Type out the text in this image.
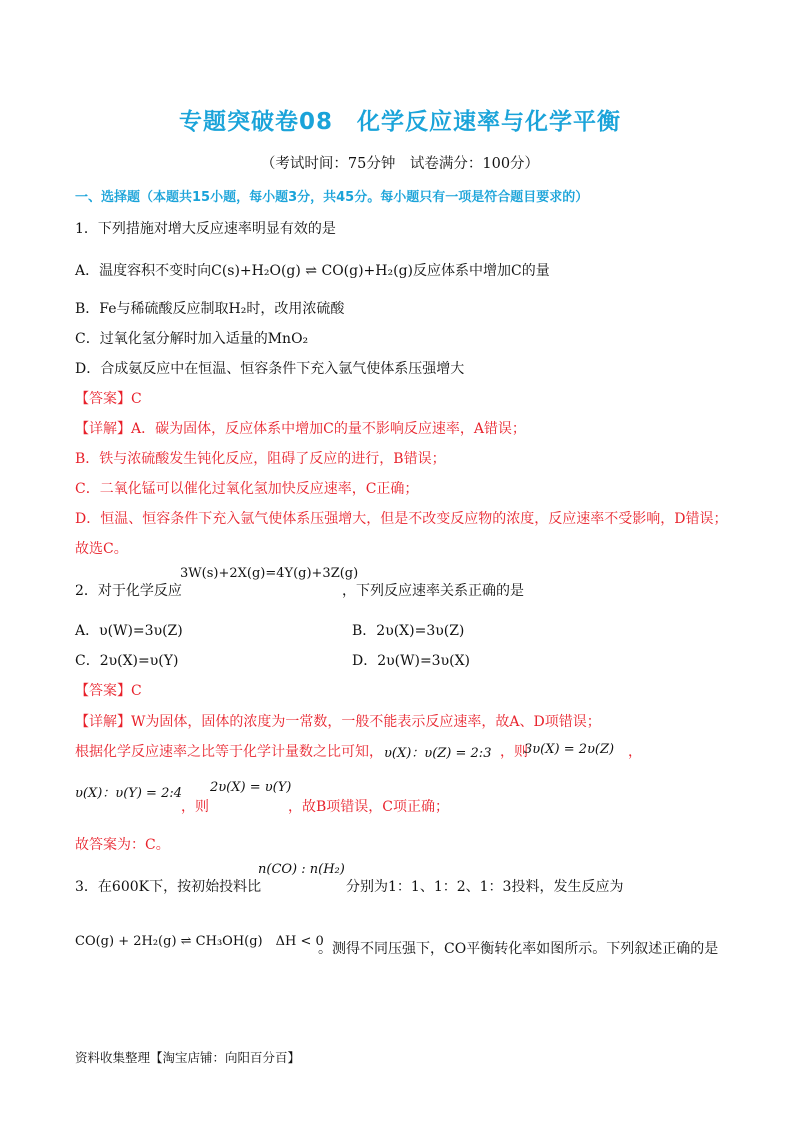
专题突破卷08　化学反应速率与化学平衡
（考试时间：75分钟　试卷满分：100分）
一、选择题（本题共15小题，每小题3分，共45分。每小题只有一项是符合题目要求的）
1．下列措施对增大反应速率明显有效的是
A．温度容积不变时向C(s)+H₂O(g) ⇌ CO(g)+H₂(g)反应体系中增加C的量
B．Fe与稀硫酸反应制取H₂时，改用浓硫酸
C．过氧化氢分解时加入适量的MnO₂
D．合成氨反应中在恒温、恒容条件下充入氩气使体系压强增大
【答案】C
【详解】A．碳为固体，反应体系中增加C的量不影响反应速率，A错误；
B．铁与浓硫酸发生钝化反应，阻碍了反应的进行，B错误；
C．二氧化锰可以催化过氧化氢加快反应速率，C正确；
D．恒温、恒容条件下充入氩气使体系压强增大，但是不改变反应物的浓度，反应速率不受影响，D错误；
故选C。
2．对于化学反应
3W(s)+2X(g)=4Y(g)+3Z(g)
，下列反应速率关系正确的是
A．υ(W)=3υ(Z)	B．2υ(X)=3υ(Z)
C．2υ(X)=υ(Y)	D．2υ(W)=3υ(X)
【答案】C
【详解】W为固体，固体的浓度为一常数，一般不能表示反应速率，故A、D项错误；
根据化学反应速率之比等于化学计量数之比可知， υ(X)：υ(Z) = 2:3 ，则
3υ(X) = 2υ(Z) ，
υ(X)：υ(Y) = 2:4 2υ(X) = υ(Y)
，则	，故B项错误，C项正确；
故答案为：C。
3．在600K下，按初始投料比
n(CO) : n(H₂)
分别为1：1、1：2、1：3投料，发生反应为
CO(g) + 2H₂(g) ⇌ CH₃OH(g)　ΔH < 0
。测得不同压强下，CO平衡转化率如图所示。下列叙述正确的是
资料收集整理【淘宝店铺：向阳百分百】
